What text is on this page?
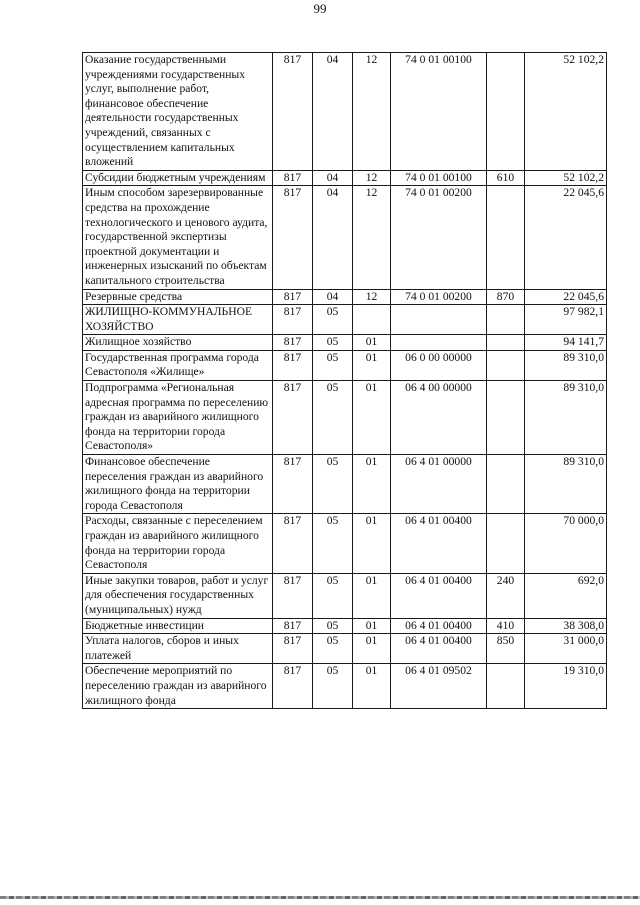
99
Оказание государственными учреждениями государственных услуг, выполнение работ, финансовое обеспечение деятельности государственных учреждений, связанных с осуществлением капитальных вложений	817	04	12	74 0 01 00100		52 102,2
Субсидии бюджетным учреждениям	817	04	12	74 0 01 00100	610	52 102,2
Иным способом зарезервированные средства на прохождение технологического и ценового аудита, государственной экспертизы проектной документации и инженерных изысканий по объектам капитального строительства	817	04	12	74 0 01 00200		22 045,6
Резервные средства	817	04	12	74 0 01 00200	870	22 045,6
ЖИЛИЩНО-КОММУНАЛЬНОЕ ХОЗЯЙСТВО	817	05				97 982,1
Жилищное хозяйство	817	05	01			94 141,7
Государственная программа города Севастополя «Жилище»	817	05	01	06 0 00 00000		89 310,0
Подпрограмма «Региональная адресная программа по переселению граждан из аварийного жилищного фонда на территории города Севастополя»	817	05	01	06 4 00 00000		89 310,0
Финансовое обеспечение переселения граждан из аварийного жилищного фонда на территории города Севастополя	817	05	01	06 4 01 00000		89 310,0
Расходы, связанные с переселением граждан из аварийного жилищного фонда на территории города Севастополя	817	05	01	06 4 01 00400		70 000,0
Иные закупки товаров, работ и услуг для обеспечения государственных (муниципальных) нужд	817	05	01	06 4 01 00400	240	692,0
Бюджетные инвестиции	817	05	01	06 4 01 00400	410	38 308,0
Уплата налогов, сборов и иных платежей	817	05	01	06 4 01 00400	850	31 000,0
Обеспечение мероприятий по переселению граждан из аварийного жилищного фонда	817	05	01	06 4 01 09502		19 310,0
